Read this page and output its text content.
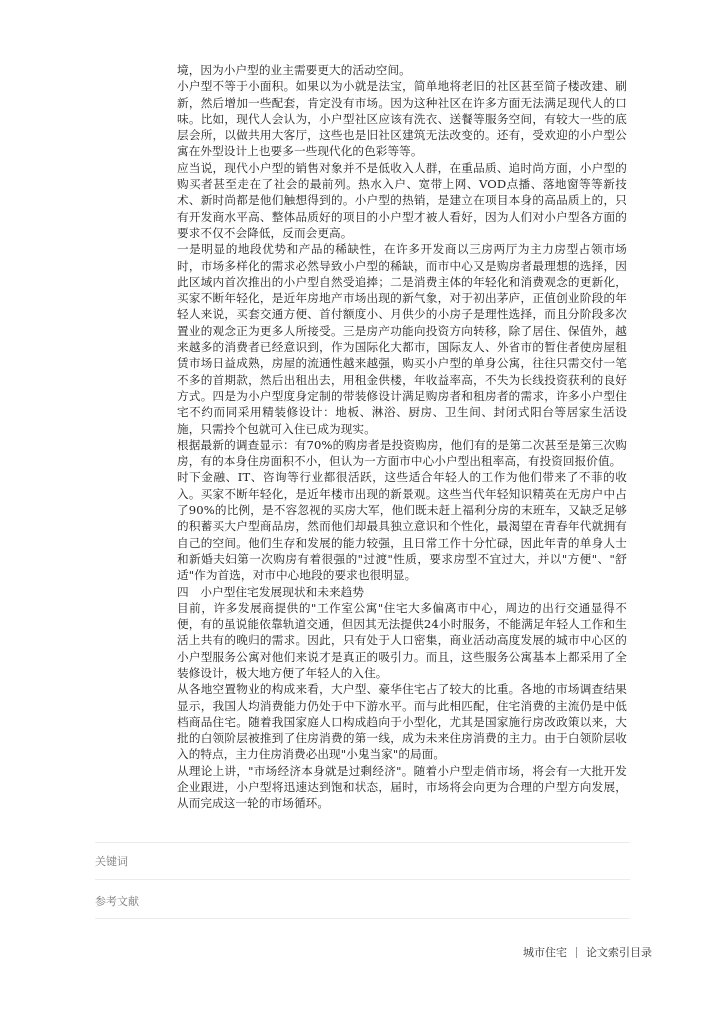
境，因为小户型的业主需要更大的活动空间。

小户型不等于小面积。如果以为小就是法宝，简单地将老旧的社区甚至简子楼改建、刷新，然后增加一些配套，肯定没有市场。因为这种社区在许多方面无法满足现代人的口味。比如，现代人会认为，小户型社区应该有洗衣、送餐等服务空间，有较大一些的底层会所，以做共用大客厅，这些也是旧社区建筑无法改变的。还有，受欢迎的小户型公寓在外型设计上也要多一些现代化的色彩等等。

应当说，现代小户型的销售对象并不是低收入人群，在重品质、追时尚方面，小户型的购买者甚至走在了社会的最前列。热水入户、宽带上网、VOD点播、落地窗等等新技术、新时尚都是他们触想得到的。小户型的热销，是建立在项目本身的高品质上的，只有开发商水平高、整体品质好的项目的小户型才被人看好，因为人们对小户型各方面的要求不仅不会降低，反而会更高。

一是明显的地段优势和产品的稀缺性，在许多开发商以三房两厅为主力房型占领市场时，市场多样化的需求必然导致小户型的稀缺，而市中心又是购房者最理想的选择，因此区域内首次推出的小户型自然受追捧；二是消费主体的年轻化和消费观念的更新化，买家不断年轻化，是近年房地产市场出现的新气象，对于初出茅庐，正值创业阶段的年轻人来说，买套交通方便、首付额度小、月供少的小房子是理性选择，而且分阶段多次置业的观念正为更多人所接受。三是房产功能向投资方向转移，除了居住、保值外，越来越多的消费者已经意识到，作为国际化大都市，国际友人、外省市的暂住者使房屋租赁市场日益成熟，房屋的流通性越来越强，购买小户型的单身公寓，往往只需交付一笔不多的首期款，然后出租出去，用租金供楼，年收益率高，不失为长线投资获利的良好方式。四是为小户型度身定制的带装修设计满足购房者和租房者的需求，许多小户型住宅不约而同采用精装修设计：地板、淋浴、厨房、卫生间、封闭式阳台等居家生活设施，只需拎个包就可入住已成为现实。

根据最新的调查显示：有70%的购房者是投资购房，他们有的是第二次甚至是第三次购房，有的本身住房面积不小，但认为一方面市中心小户型出租率高，有投资回报价值。

时下金融、IT、咨询等行业都很活跃，这些适合年轻人的工作为他们带来了不菲的收入。买家不断年轻化，是近年楼市出现的新景观。这些当代年轻知识精英在无房户中占了90%的比例，是不容忽视的买房大军，他们既未赶上福利分房的末班车，又缺乏足够的积蓄买大户型商品房，然而他们却最具独立意识和个性化，最渴望在青春年代就拥有自己的空间。他们生存和发展的能力较强，且日常工作十分忙碌，因此年青的单身人士和新婚夫妇第一次购房有着很强的"过渡"性质，要求房型不宜过大，并以"方便"、"舒适"作为首选，对市中心地段的要求也很明显。

四　小户型住宅发展现状和未来趋势

目前，许多发展商提供的"工作室公寓"住宅大多偏离市中心，周边的出行交通显得不便，有的虽说能依靠轨道交通，但因其无法提供24小时服务，不能满足年轻人工作和生活上共有的晚归的需求。因此，只有处于人口密集，商业活动高度发展的城市中心区的小户型服务公寓对他们来说才是真正的吸引力。而且，这些服务公寓基本上都采用了全装修设计，极大地方便了年轻人的入住。

从各地空置物业的构成来看，大户型、豪华住宅占了较大的比重。各地的市场调查结果显示，我国人均消费能力仍处于中下游水平。而与此相匹配，住宅消费的主流仍是中低档商品住宅。随着我国家庭人口构成趋向于小型化，尤其是国家施行房改政策以来，大批的白领阶层被推到了住房消费的第一线，成为未来住房消费的主力。由于白领阶层收入的特点，主力住房消费必出现"小鬼当家"的局面。

从理论上讲，"市场经济本身就是过剩经济"。随着小户型走俏市场，将会有一大批开发企业跟进，小户型将迅速达到饱和状态，届时，市场将会向更为合理的户型方向发展，从而完成这一轮的市场循环。

关键词
参考文献
城市住宅 论文索引目录
